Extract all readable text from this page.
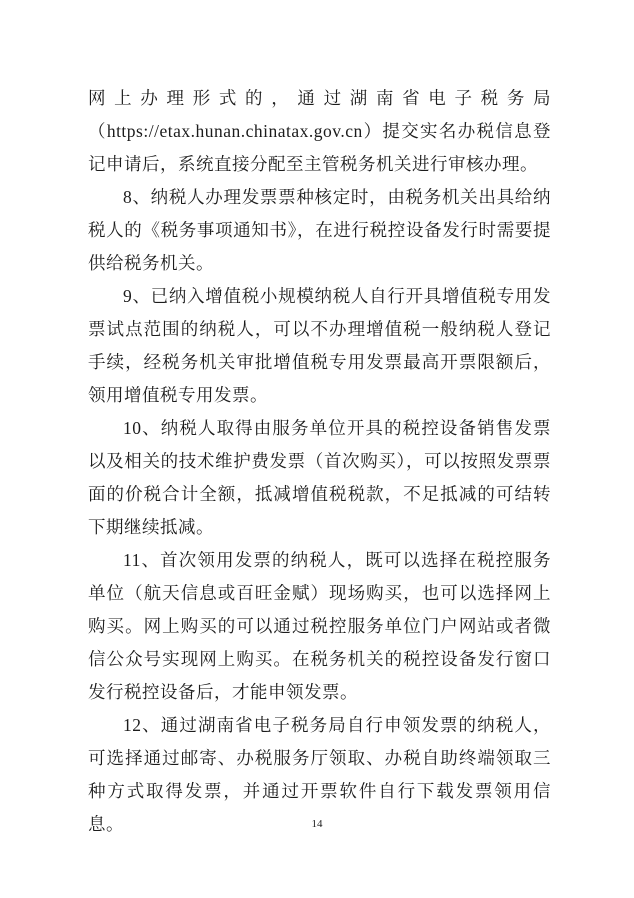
网上办理形式的，通过湖南省电子税务局（https://etax.hunan.chinatax.gov.cn）提交实名办税信息登记申请后，系统直接分配至主管税务机关进行审核办理。

8、纳税人办理发票票种核定时，由税务机关出具给纳税人的《税务事项通知书》，在进行税控设备发行时需要提供给税务机关。

9、已纳入增值税小规模纳税人自行开具增值税专用发票试点范围的纳税人，可以不办理增值税一般纳税人登记手续，经税务机关审批增值税专用发票最高开票限额后，领用增值税专用发票。

10、纳税人取得由服务单位开具的税控设备销售发票以及相关的技术维护费发票（首次购买），可以按照发票票面的价税合计全额，抵减增值税税款，不足抵减的可结转下期继续抵减。

11、首次领用发票的纳税人，既可以选择在税控服务单位（航天信息或百旺金赋）现场购买，也可以选择网上购买。网上购买的可以通过税控服务单位门户网站或者微信公众号实现网上购买。在税务机关的税控设备发行窗口发行税控设备后，才能申领发票。

12、通过湖南省电子税务局自行申领发票的纳税人，可选择通过邮寄、办税服务厅领取、办税自助终端领取三种方式取得发票，并通过开票软件自行下载发票领用信息。	14
